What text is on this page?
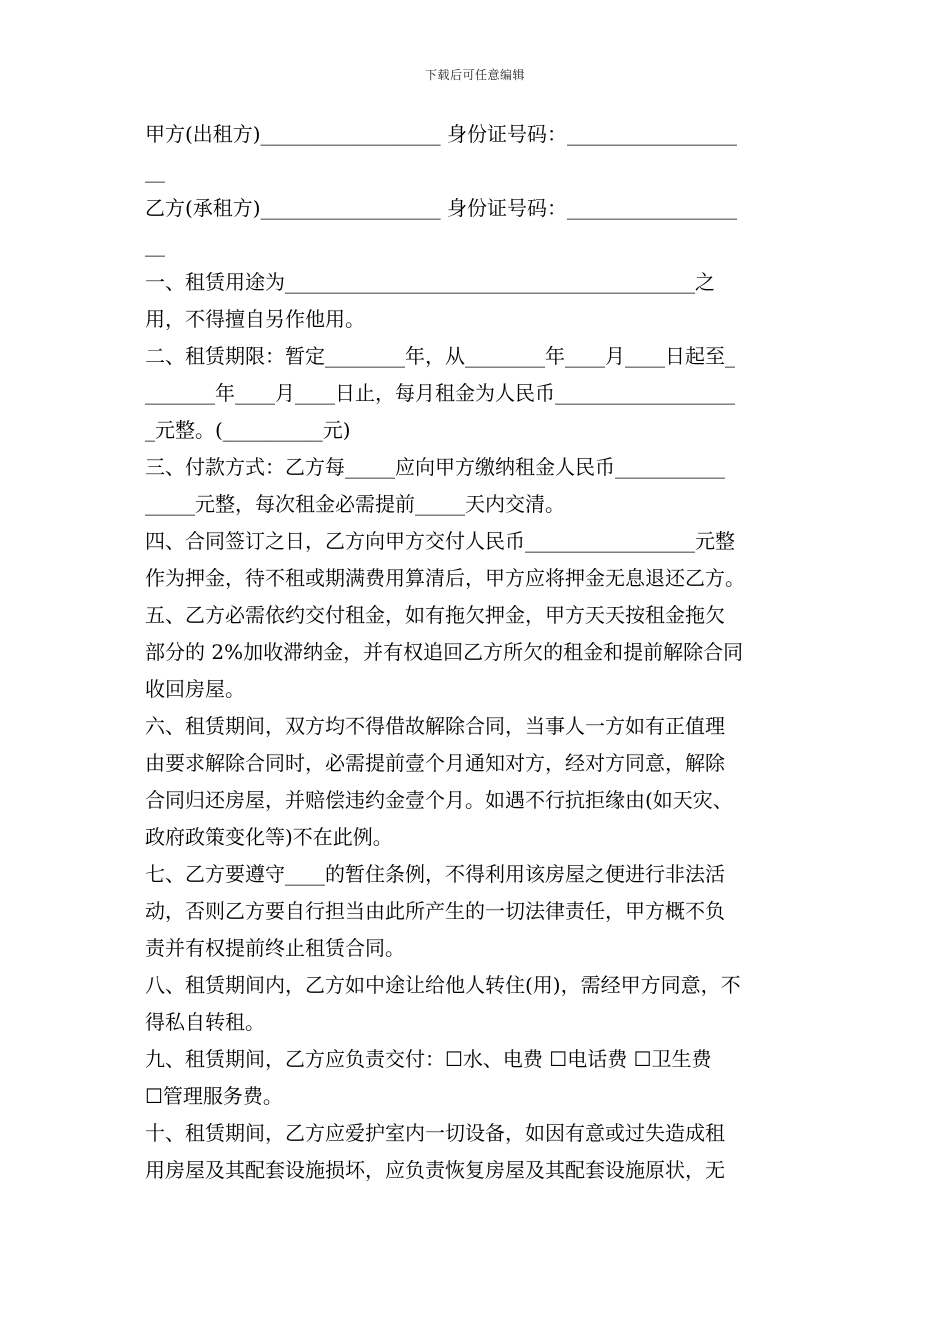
下载后可任意编辑
甲方(出租方)__________________ 身份证号码：_________________
__
乙方(承租方)__________________ 身份证号码：_________________
__
一、租赁用途为_________________________________________之
用，不得擅自另作他用。
二、租赁期限：暂定________年，从________年____月____日起至_
_______年____月____日止，每月租金为人民币__________________
_元整。(__________元)
三、付款方式：乙方每_____应向甲方缴纳租金人民币___________
_____元整，每次租金必需提前_____天内交清。
四、合同签订之日，乙方向甲方交付人民币_________________元整
作为押金，待不租或期满费用算清后，甲方应将押金无息退还乙方。
五、乙方必需依约交付租金，如有拖欠押金，甲方天天按租金拖欠
部分的 2%加收滞纳金，并有权追回乙方所欠的租金和提前解除合同
收回房屋。
六、租赁期间，双方均不得借故解除合同，当事人一方如有正值理
由要求解除合同时，必需提前壹个月通知对方，经对方同意，解除
合同归还房屋，并赔偿违约金壹个月。如遇不行抗拒缘由(如天灾、
政府政策变化等)不在此例。
七、乙方要遵守____的暂住条例，不得利用该房屋之便进行非法活
动，否则乙方要自行担当由此所产生的一切法律责任，甲方概不负
责并有权提前终止租赁合同。
八、租赁期间内，乙方如中途让给他人转住(用)，需经甲方同意，不
得私自转租。
九、租赁期间，乙方应负责交付：☐水、电费 ☐电话费 ☐卫生费
☐管理服务费。
十、租赁期间，乙方应爱护室内一切设备，如因有意或过失造成租
用房屋及其配套设施损坏，应负责恢复房屋及其配套设施原状，无
